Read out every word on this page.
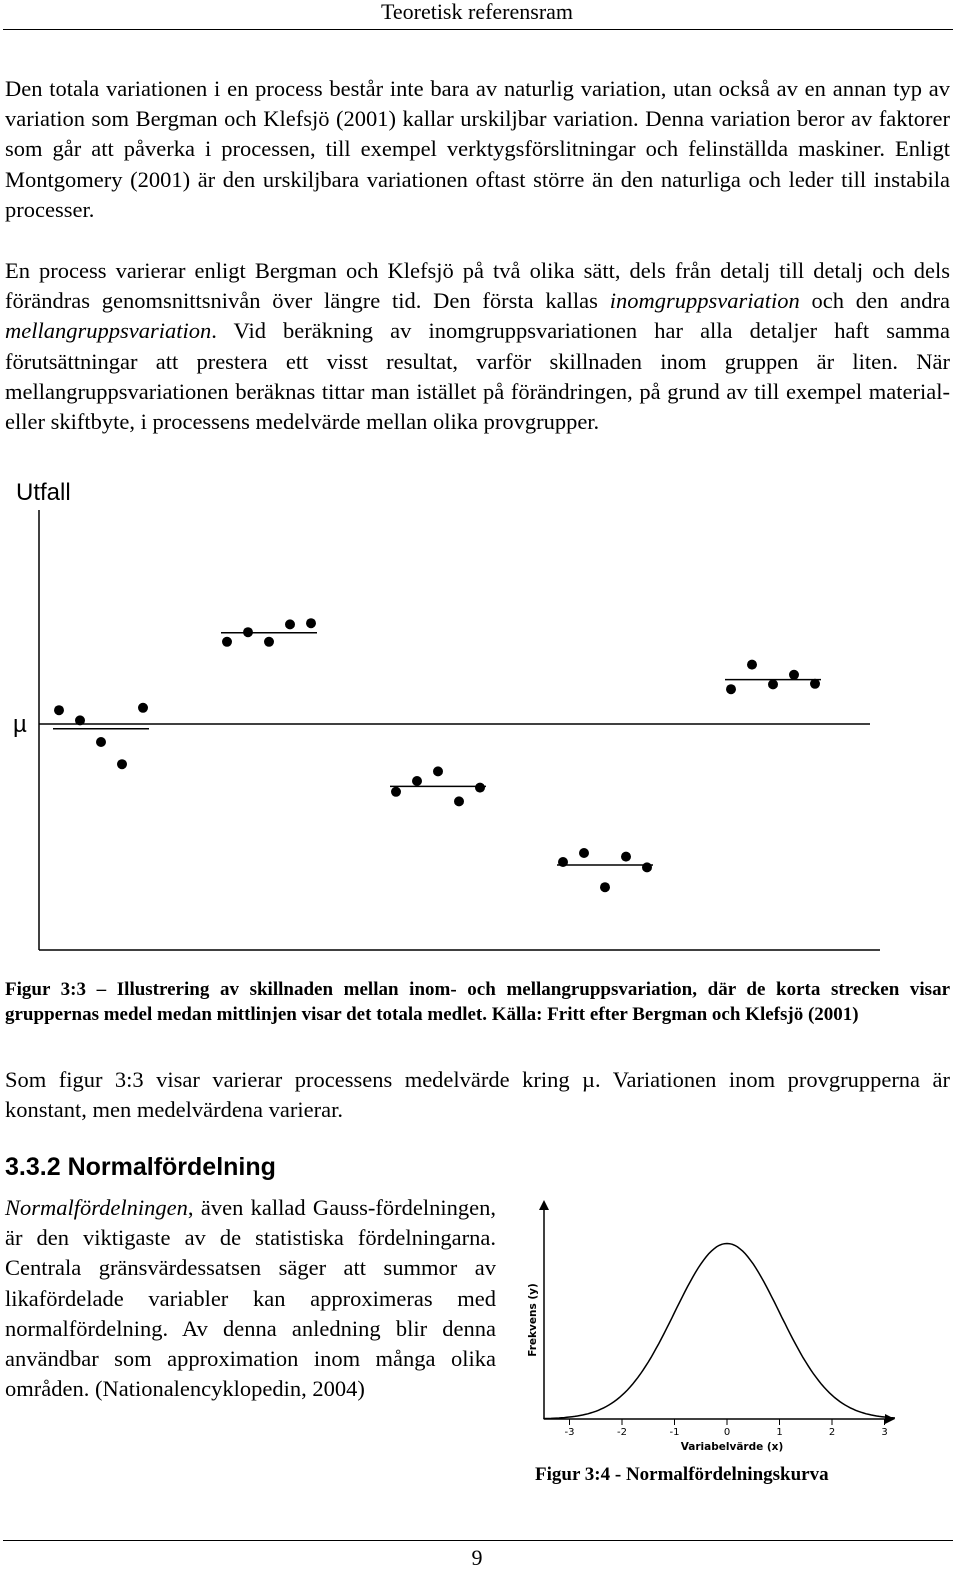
Teoretisk referensram

Den totala variationen i en process består inte bara av naturlig variation, utan också av en annan typ av variation som Bergman och Klefsjö (2001) kallar urskiljbar variation. Denna variation beror av faktorer som går att påverka i processen, till exempel verktygsförslitningar och felinställda maskiner. Enligt Montgomery (2001) är den urskiljbara variationen oftast större än den naturliga och leder till instabila processer.

En process varierar enligt Bergman och Klefsjö på två olika sätt, dels från detalj till detalj och dels förändras genomsnittsnivån över längre tid. Den första kallas inomgruppsvariation och den andra mellangruppsvariation. Vid beräkning av inomgruppsvariationen har alla detaljer haft samma förutsättningar att prestera ett visst resultat, varför skillnaden inom gruppen är liten. När mellangruppsvariationen beräknas tittar man istället på förändringen, på grund av till exempel material- eller skiftbyte, i processens medelvärde mellan olika provgrupper.

Utfall
µ

Figur 3:3 – Illustrering av skillnaden mellan inom- och mellangruppsvariation, där de korta strecken visar gruppernas medel medan mittlinjen visar det totala medlet. Källa: Fritt efter Bergman och Klefsjö (2001)

Som figur 3:3 visar varierar processens medelvärde kring µ. Variationen inom provgrupperna är konstant, men medelvärdena varierar.

3.3.2 Normalfördelning

Normalfördelningen, även kallad Gauss-fördelningen, är den viktigaste av de statistiska fördelningarna. Centrala gränsvärdessatsen säger att summor av likafördelade variabler kan approximeras med normalfördelning. Av denna anledning blir denna användbar som approximation inom många olika områden. (Nationalencyklopedin, 2004)

-3	-2	-1	0	1	2	3
Variabelvärde (x)
Frekvens (y)

Figur 3:4 - Normalfördelningskurva

9
